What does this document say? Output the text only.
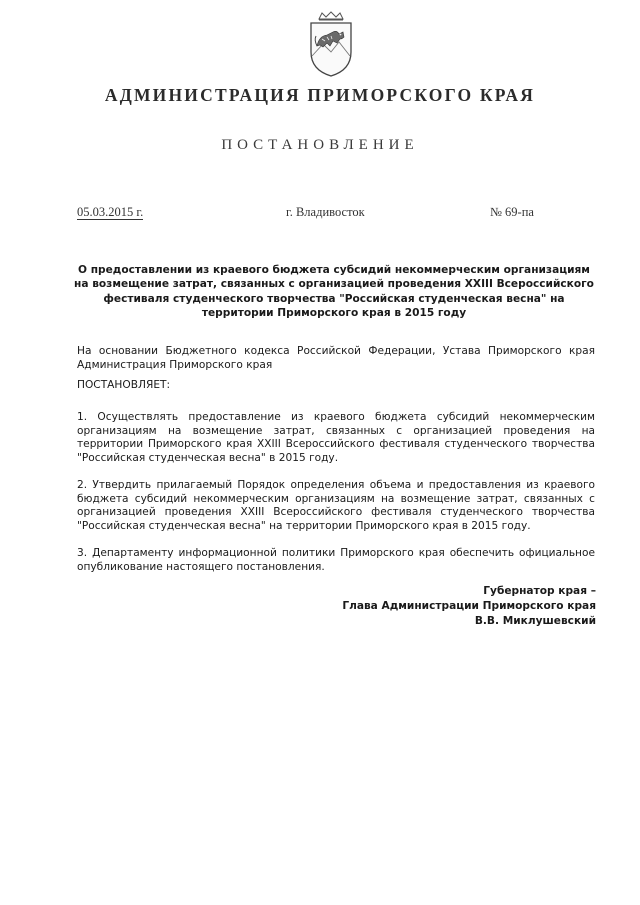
АДМИНИСТРАЦИЯ ПРИМОРСКОГО КРАЯ
ПОСТАНОВЛЕНИЕ
05.03.2015 г.	г. Владивосток	№ 69-па
О предоставлении из краевого бюджета субсидий некоммерческим организациям на возмещение затрат, связанных с организацией проведения XXIII Всероссийского фестиваля студенческого творчества "Российская студенческая весна" на территории Приморского края в 2015 году
На основании Бюджетного кодекса Российской Федерации, Устава Приморского края Администрация Приморского края
ПОСТАНОВЛЯЕТ:
1. Осуществлять предоставление из краевого бюджета субсидий некоммерческим организациям на возмещение затрат, связанных с организацией проведения на территории Приморского края XXIII Всероссийского фестиваля студенческого творчества "Российская студенческая весна" в 2015 году.
2. Утвердить прилагаемый Порядок определения объема и предоставления из краевого бюджета субсидий некоммерческим организациям на возмещение затрат, связанных с организацией проведения XXIII Всероссийского фестиваля студенческого творчества "Российская студенческая весна" на территории Приморского края в 2015 году.
3. Департаменту информационной политики Приморского края обеспечить официальное опубликование настоящего постановления.
Губернатор края –
Глава Администрации Приморского края
В.В. Миклушевский
